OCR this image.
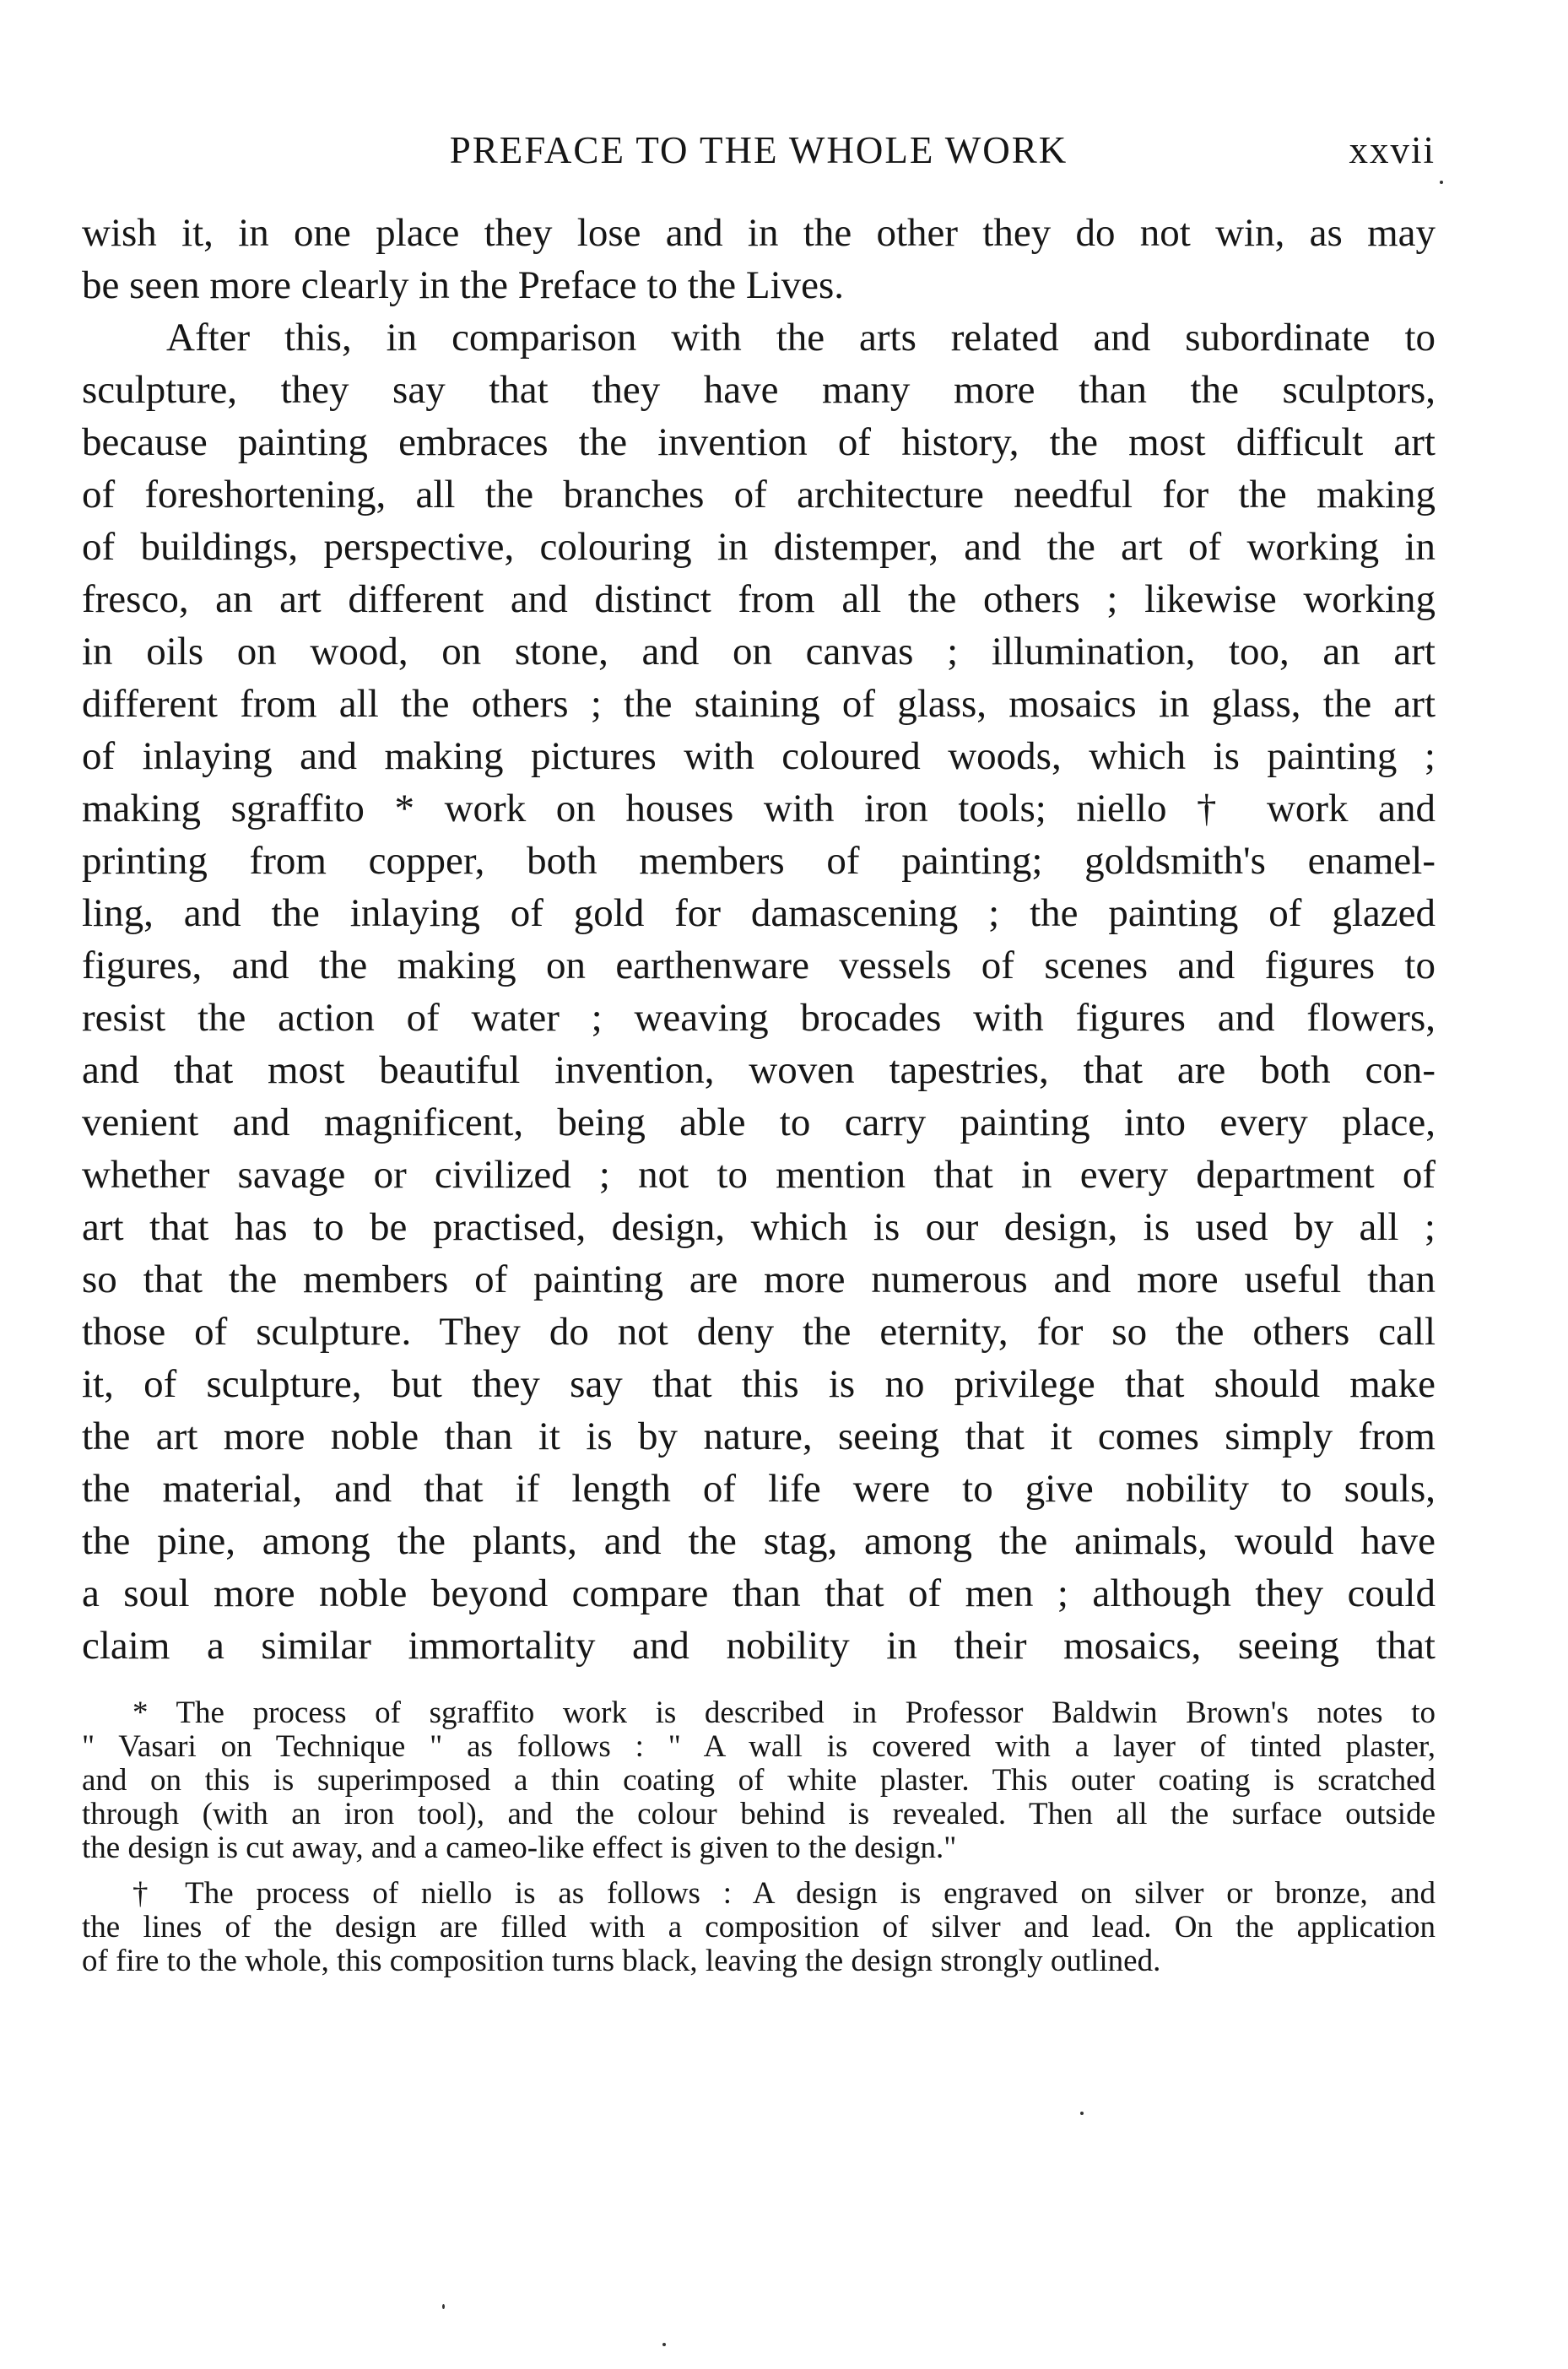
PREFACE TO THE WHOLE WORK	xxvii
wish it, in one place they lose and in the other they do not win, as may
be seen more clearly in the Preface to the Lives.
After this, in comparison with the arts related and subordinate to
sculpture, they say that they have many more than the sculptors,
because painting embraces the invention of history, the most difficult art
of foreshortening, all the branches of architecture needful for the making
of buildings, perspective, colouring in distemper, and the art of working in
fresco, an art different and distinct from all the others ; likewise working
in oils on wood, on stone, and on canvas ; illumination, too, an art
different from all the others ; the staining of glass, mosaics in glass, the art
of inlaying and making pictures with coloured woods, which is painting ;
making sgraffito * work on houses with iron tools; niello † work and
printing from copper, both members of painting; goldsmith's enamel-
ling, and the inlaying of gold for damascening ; the painting of glazed
figures, and the making on earthenware vessels of scenes and figures to
resist the action of water ; weaving brocades with figures and flowers,
and that most beautiful invention, woven tapestries, that are both con-
venient and magnificent, being able to carry painting into every place,
whether savage or civilized ; not to mention that in every department of
art that has to be practised, design, which is our design, is used by all ;
so that the members of painting are more numerous and more useful than
those of sculpture. They do not deny the eternity, for so the others call
it, of sculpture, but they say that this is no privilege that should make
the art more noble than it is by nature, seeing that it comes simply from
the material, and that if length of life were to give nobility to souls,
the pine, among the plants, and the stag, among the animals, would have
a soul more noble beyond compare than that of men ; although they could
claim a similar immortality and nobility in their mosaics, seeing that
* The process of sgraffito work is described in Professor Baldwin Brown's notes to
" Vasari on Technique " as follows : " A wall is covered with a layer of tinted plaster,
and on this is superimposed a thin coating of white plaster. This outer coating is scratched
through (with an iron tool), and the colour behind is revealed. Then all the surface outside
the design is cut away, and a cameo-like effect is given to the design."
† The process of niello is as follows : A design is engraved on silver or bronze, and
the lines of the design are filled with a composition of silver and lead. On the application
of fire to the whole, this composition turns black, leaving the design strongly outlined.
